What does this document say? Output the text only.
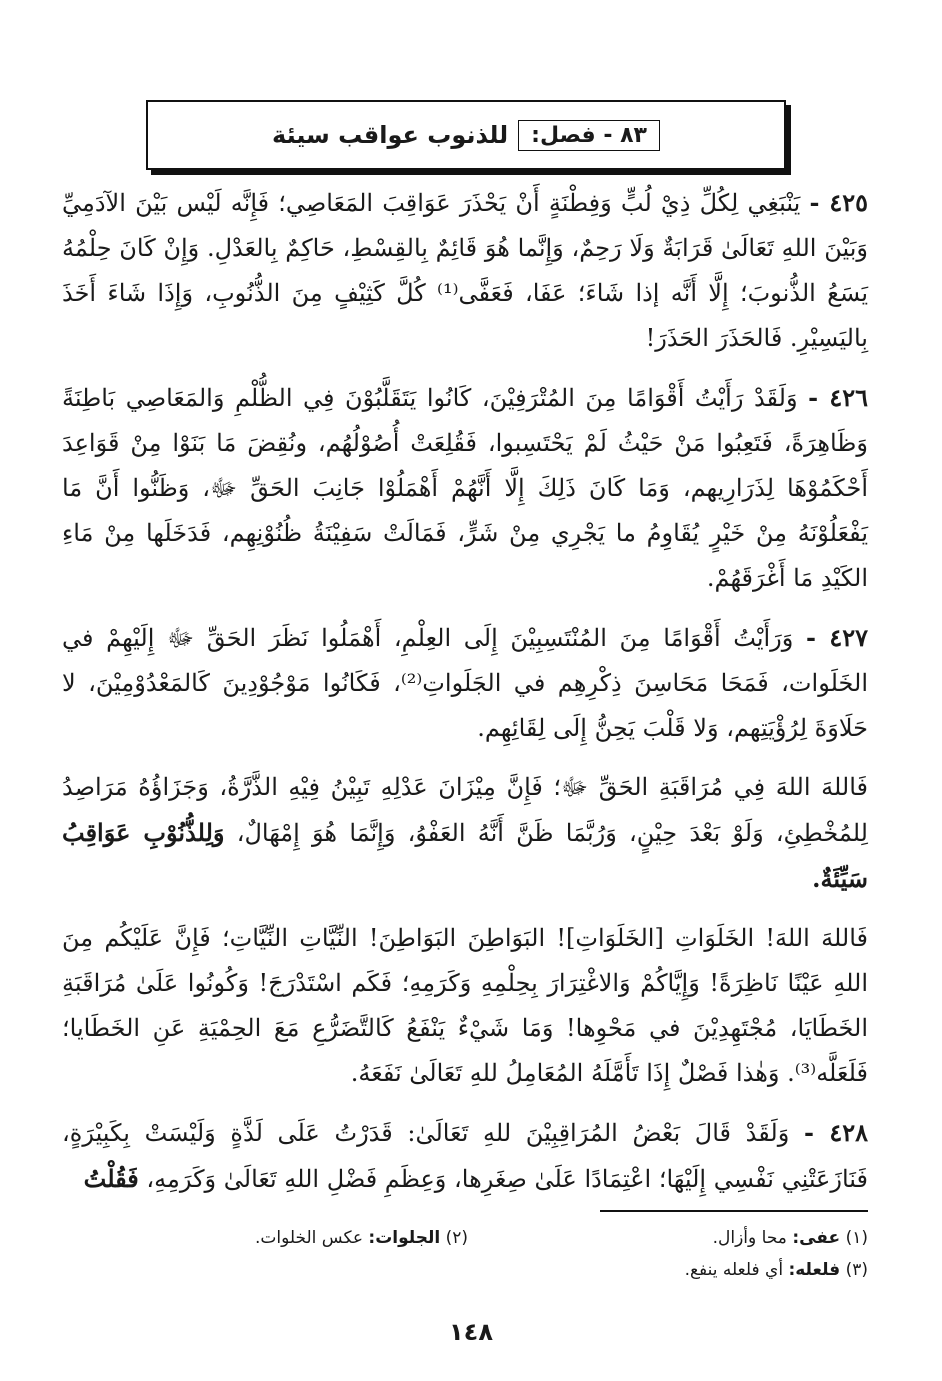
٨٣ - فصل:
للذنوب عواقب سيئة

٤٢٥ - يَنْبَغِي لِكُلِّ ذِيْ لُبٍّ وَفِطْنَةٍ أَنْ يَحْذَرَ عَوَاقِبَ المَعَاصِي؛ فَإِنَّه لَيْس بَيْنَ الآدَمِيِّ وَبَيْنَ اللهِ تَعَالَىٰ قَرَابَةٌ وَلَا رَحِمٌ، وَإِنَّما هُوَ قَائِمٌ بِالقِسْطِ، حَاكِمٌ بِالعَدْلِ. وَإِنْ كَانَ حِلْمُهُ يَسَعُ الذُّنوبَ؛ إِلَّا أَنَّه إذا شَاءَ؛ عَفَا، فَعَفَّى⁽¹⁾ كُلَّ كَثِيْفٍ مِنَ الذُّنُوبِ، وَإِذَا شَاءَ أَخَذَ بِاليَسِيْرِ. فَالحَذَرَ الحَذَرَ!

٤٢٦ - وَلَقَدْ رَأَيْتُ أَقْوَامًا مِنَ المُتْرَفِيْنَ، كَانُوا يَتَقَلَّبُوْنَ فِي الظُّلْمِ وَالمَعَاصِي بَاطِنَةً وَظَاهِرَةً، فَتَعِبُوا مَنْ حَيْثُ لَمْ يَحْتَسِبوا، فَقُلِعَتْ أُصُوْلُهُم، ونُقِضَ مَا بَنَوْا مِنْ قَوَاعِدَ أَحْكَمُوْهَا لِذَرَارِيهم، وَمَا كَانَ ذَلِكَ إِلَّا أَنَّهُمْ أَهْمَلُوْا جَانِبَ الحَقِّ ﷻ، وَظَنُّوا أَنَّ مَا يَفْعَلُوْنَهُ مِنْ خَيْرٍ يُقَاوِمُ ما يَجْرِي مِنْ شَرٍّ، فَمَالَتْ سَفِيْنَةُ ظُنُوْنِهِم، فَدَخَلَها مِنْ مَاءِ الكَيْدِ مَا أَغْرَقَهُمْ.

٤٢٧ - وَرَأَيْتُ أَقْوَامًا مِنَ المُنْتَسِبِيْنَ إِلَى العِلْمِ، أَهْمَلُوا نَظَرَ الحَقِّ ﷻ إِلَيْهِمْ في الخَلَوات، فَمَحَا مَحَاسِنَ ذِكْرِهِم في الجَلَواتِ⁽²⁾، فَكَانُوا مَوْجُوْدِينَ كَالمَعْدُوْمِيْنَ، لا حَلَاوَةَ لِرُؤْيَتِهم، وَلا قَلْبَ يَحِنُّ إِلَى لِقَائِهِم.

فَاللهَ اللهَ فِي مُرَاقَبَةِ الحَقِّ ﷻ؛ فَإِنَّ مِيْزَانَ عَدْلِهِ تَبِيْنُ فِيْهِ الذَّرَّةُ، وَجَزَاؤُهُ مَرَاصِدُ لِلمُخْطِئِ، وَلَوْ بَعْدَ حِيْنٍ، وَرُبَّمَا ظَنَّ أَنَّهُ العَفْوُ، وَإِنَّمَا هُوَ إِمْهَالٌ، وَلِلذُّنُوْبِ عَوَاقِبُ سَيِّئَةٌ.

فَاللهَ اللهَ! الخَلَوَاتِ [الخَلَوَاتِ]! البَوَاطِنَ البَوَاطِنَ! النِّيَّاتِ النِّيَّاتِ؛ فَإِنَّ عَلَيْكُم مِنَ اللهِ عَيْنًا نَاظِرَةً! وَإِيَّاكُمْ وَالاغْتِرَارَ بِحِلْمِهِ وَكَرَمِهِ؛ فَكَم اسْتَدْرَجَ! وَكُونُوا عَلَىٰ مُرَاقَبَةِ الخَطَايَا، مُجْتَهِدِيْنَ في مَحْوِها! وَمَا شَيْءٌ يَنْفَعُ كَالتَّضَرُّعِ مَعَ الحِمْيَةِ عَنِ الخَطَايا؛ فَلَعَلَّه⁽³⁾. وَهٰذا فَصْلٌ إِذَا تَأَمَّلَهُ المُعَامِلُ للهِ تَعَالَىٰ نَفَعَهُ.

٤٢٨ - وَلَقَدْ قَالَ بَعْضُ المُرَاقِبِيْنَ للهِ تَعَالَىٰ: قَدَرْتُ عَلَى لَذَّةٍ وَلَيْسَتْ بِكَبِيْرَةٍ، فَنَازَعَتْنِي نَفْسِي إِلَيْهَا؛ اعْتِمَادًا عَلَىٰ صِغَرِها، وَعِظَمِ فَضْلِ اللهِ تَعَالَىٰ وَكَرَمِهِ، فَقُلْتُ

(١) عفى: محا وأزال.
(٢) الجلوات: عكس الخلوات.
(٣) فلعله: أي فلعله ينفع.
١٤٨
